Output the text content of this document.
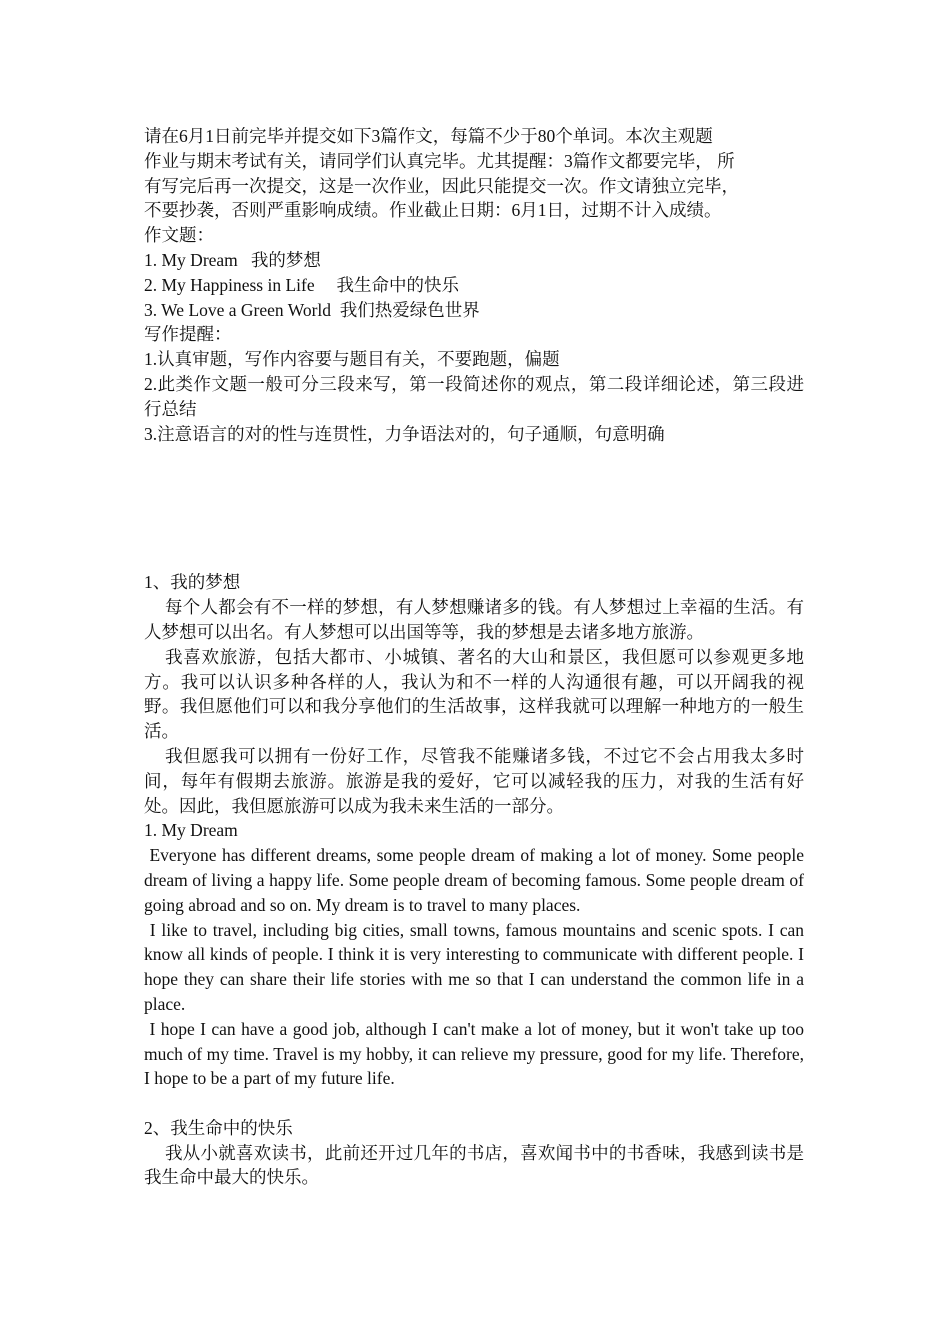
请在6月1日前完毕并提交如下3篇作文，每篇不少于80个单词。本次主观题

作业与期末考试有关，请同学们认真完毕。尤其提醒：3篇作文都要完毕， 所

有写完后再一次提交，这是一次作业，因此只能提交一次。作文请独立完毕，

不要抄袭，否则严重影响成绩。作业截止日期：6月1日，过期不计入成绩。

作文题：

1. My Dream   我的梦想

2. My Happiness in Life     我生命中的快乐

3. We Love a Green World  我们热爱绿色世界

写作提醒：

1.认真审题，写作内容要与题目有关，不要跑题，偏题

2.此类作文题一般可分三段来写，第一段简述你的观点，第二段详细论述，第三段进行总结

3.注意语言的对的性与连贯性，力争语法对的，句子通顺，句意明确

1、我的梦想

每个人都会有不一样的梦想，有人梦想赚诸多的钱。有人梦想过上幸福的生活。有人梦想可以出名。有人梦想可以出国等等，我的梦想是去诸多地方旅游。

我喜欢旅游，包括大都市、小城镇、著名的大山和景区，我但愿可以参观更多地方。我可以认识多种各样的人，我认为和不一样的人沟通很有趣，可以开阔我的视野。我但愿他们可以和我分享他们的生活故事，这样我就可以理解一种地方的一般生活。

我但愿我可以拥有一份好工作，尽管我不能赚诸多钱，不过它不会占用我太多时间，每年有假期去旅游。旅游是我的爱好，它可以减轻我的压力，对我的生活有好处。因此，我但愿旅游可以成为我未来生活的一部分。

1. My Dream

Everyone has different dreams, some people dream of making a lot of money. Some people dream of living a happy life. Some people dream of becoming famous. Some people dream of going abroad and so on. My dream is to travel to many places.

I like to travel, including big cities, small towns, famous mountains and scenic spots. I can know all kinds of people. I think it is very interesting to communicate with different people. I hope they can share their life stories with me so that I can understand the common life in a place.

I hope I can have a good job, although I can't make a lot of money, but it won't take up too much of my time. Travel is my hobby, it can relieve my pressure, good for my life. Therefore, I hope to be a part of my future life.

2、我生命中的快乐

我从小就喜欢读书，此前还开过几年的书店，喜欢闻书中的书香味，我感到读书是我生命中最大的快乐。
